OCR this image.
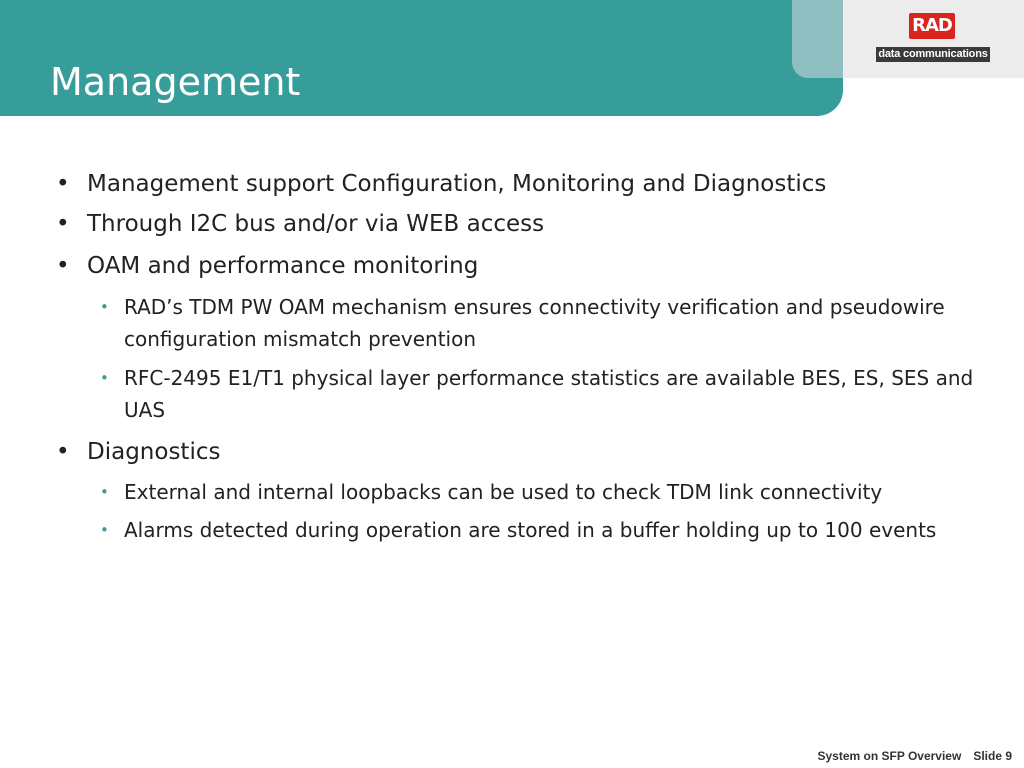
Management
RAD
data communications
• Management support Configuration, Monitoring and Diagnostics
• Through I2C bus and/or via WEB access
• OAM and performance monitoring
• RAD’s TDM PW OAM mechanism ensures connectivity verification and pseudowire configuration mismatch prevention
• RFC-2495 E1/T1 physical layer performance statistics are available BES, ES, SES and UAS
• Diagnostics
• External and internal loopbacks can be used to check TDM link connectivity
• Alarms detected during operation are stored in a buffer holding up to 100 events
System on SFP Overview Slide 9
